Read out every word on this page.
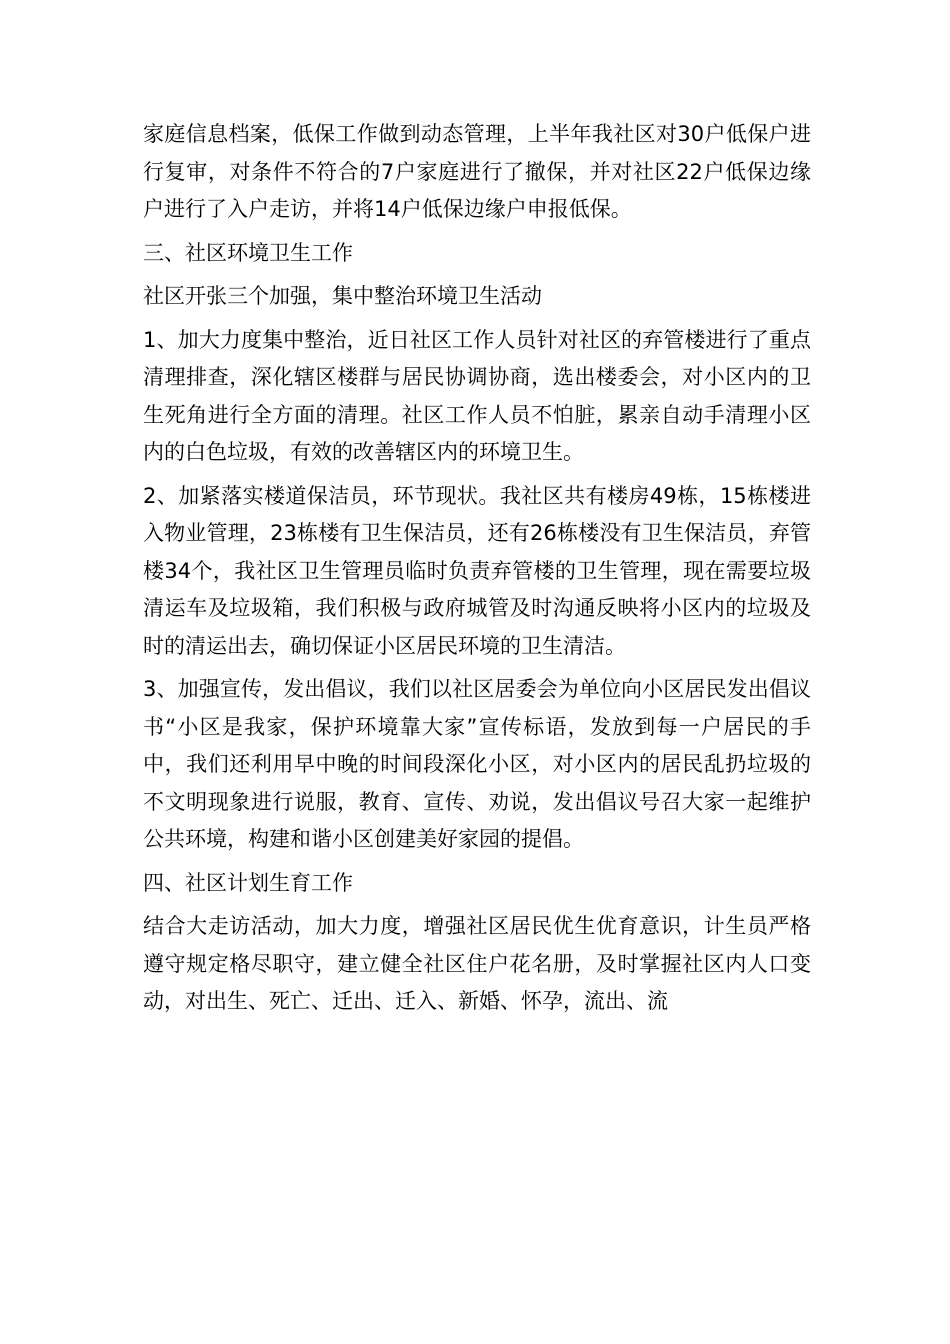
家庭信息档案，低保工作做到动态管理，上半年我社区对30户低保户进行复审，对条件不符合的7户家庭进行了撤保，并对社区22户低保边缘户进行了入户走访，并将14户低保边缘户申报低保。

三、社区环境卫生工作

社区开张三个加强，集中整治环境卫生活动

1、加大力度集中整治，近日社区工作人员针对社区的弃管楼进行了重点清理排查，深化辖区楼群与居民协调协商，选出楼委会，对小区内的卫生死角进行全方面的清理。社区工作人员不怕脏，累亲自动手清理小区内的白色垃圾，有效的改善辖区内的环境卫生。

2、加紧落实楼道保洁员，环节现状。我社区共有楼房49栋，15栋楼进入物业管理，23栋楼有卫生保洁员，还有26栋楼没有卫生保洁员，弃管楼34个，我社区卫生管理员临时负责弃管楼的卫生管理，现在需要垃圾清运车及垃圾箱，我们积极与政府城管及时沟通反映将小区内的垃圾及时的清运出去，确切保证小区居民环境的卫生清洁。

3、加强宣传，发出倡议，我们以社区居委会为单位向小区居民发出倡议书“小区是我家，保护环境靠大家”宣传标语，发放到每一户居民的手中，我们还利用早中晚的时间段深化小区，对小区内的居民乱扔垃圾的不文明现象进行说服，教育、宣传、劝说，发出倡议号召大家一起维护公共环境，构建和谐小区创建美好家园的提倡。

四、社区计划生育工作

结合大走访活动，加大力度，增强社区居民优生优育意识，计生员严格遵守规定格尽职守，建立健全社区住户花名册，及时掌握社区内人口变动，对出生、死亡、迁出、迁入、新婚、怀孕，流出、流
